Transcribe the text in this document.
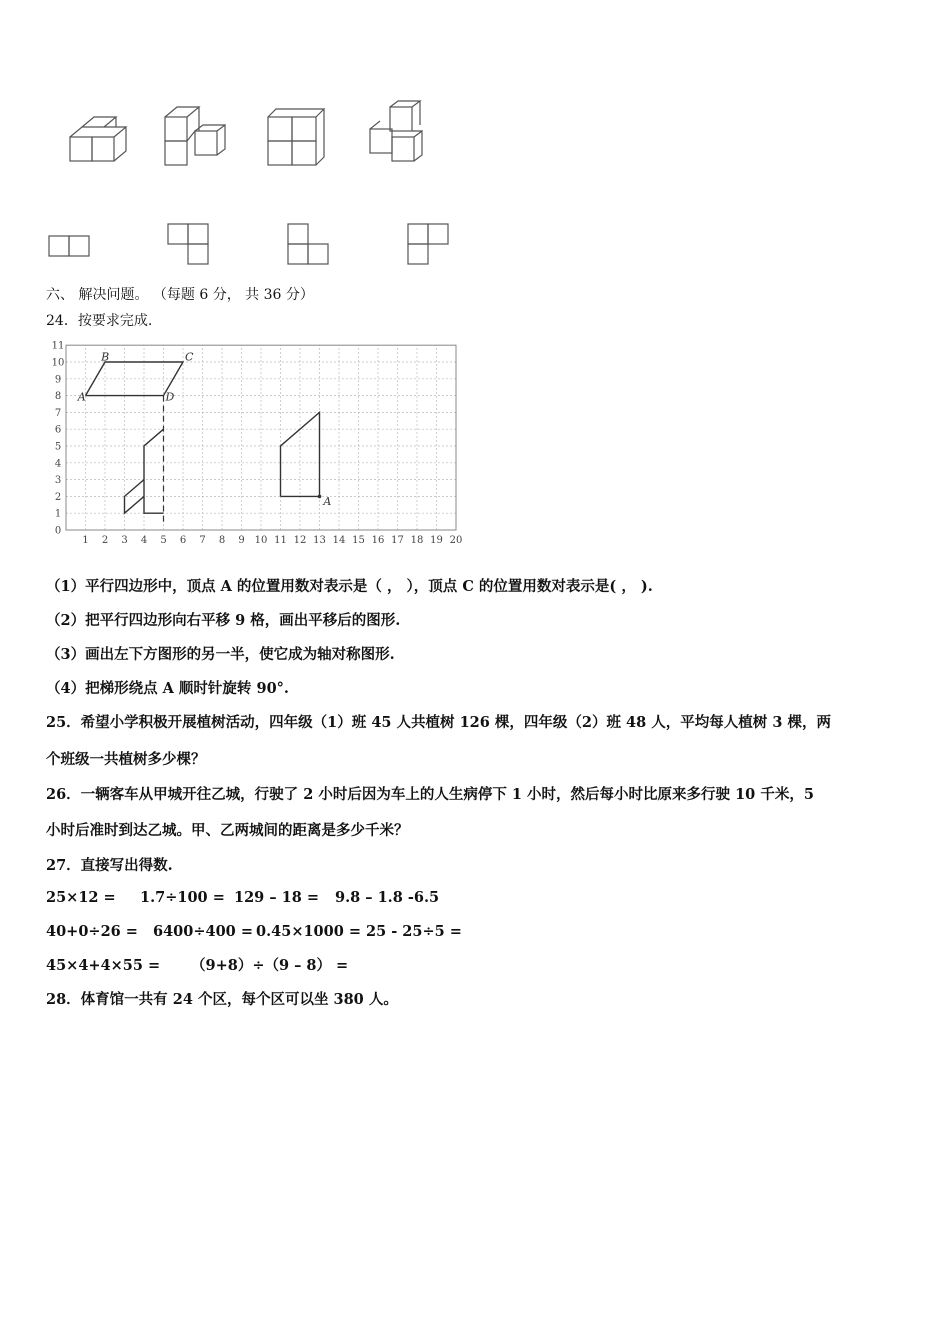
六、 解决问题。 （每题 6 分， 共 36 分）
24．按要求完成.
1 2 3 4 5 6 7 8 9 10 11 12 13 14 15 16 17 18 19 20
0
1
2
3
4
5
6
7
8
9
10
11
A
B	C
D
A
（1）平行四边形中，顶点 A 的位置用数对表示是（ ， ），顶点 C 的位置用数对表示是( ， ).
（2）把平行四边形向右平移 9 格，画出平移后的图形.
（3）画出左下方图形的另一半，使它成为轴对称图形.
（4）把梯形绕点 A 顺时针旋转 90°.
25．希望小学积极开展植树活动，四年级（1）班 45 人共植树 126 棵，四年级（2）班 48 人，平均每人植树 3 棵，两
个班级一共植树多少棵？
26．一辆客车从甲城开往乙城，行驶了 2 小时后因为车上的人生病停下 1 小时，然后每小时比原来多行驶 10 千米，5
小时后准时到达乙城。甲、乙两城间的距离是多少千米？
27．直接写出得数.
25×12 = 1.7÷100 = 129 – 18 = 9.8 – 1.8 -6.5
40+0÷26 = 6400÷400 = 0.45×1000 = 25 - 25÷5 =
45×4+4×55 = （9+8）÷（9 – 8） =
28．体育馆一共有 24 个区，每个区可以坐 380 人。
